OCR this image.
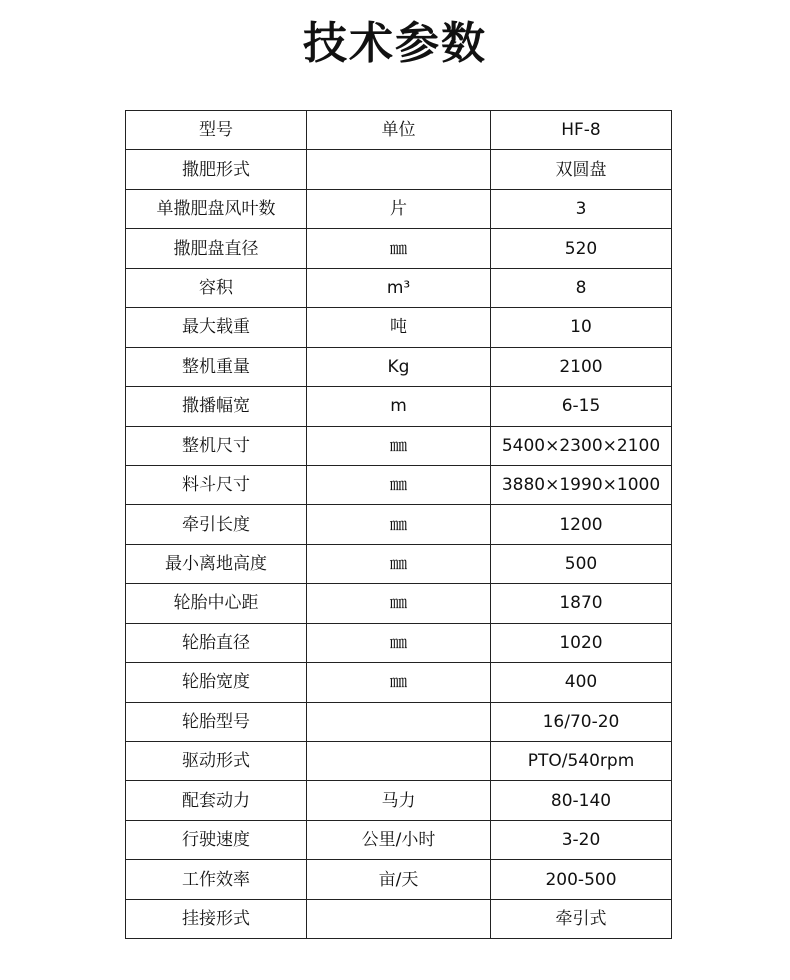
技术参数
型号	单位	HF-8
撒肥形式		双圆盘
单撒肥盘风叶数	片	3
撒肥盘直径	㎜	520
容积	m³	8
最大载重	吨	10
整机重量	Kg	2100
撒播幅宽	m	6-15
整机尺寸	㎜	5400×2300×2100
料斗尺寸	㎜	3880×1990×1000
牵引长度	㎜	1200
最小离地高度	㎜	500
轮胎中心距	㎜	1870
轮胎直径	㎜	1020
轮胎宽度	㎜	400
轮胎型号		16/70-20
驱动形式		PTO/540rpm
配套动力	马力	80-140
行驶速度	公里/小时	3-20
工作效率	亩/天	200-500
挂接形式		牵引式
